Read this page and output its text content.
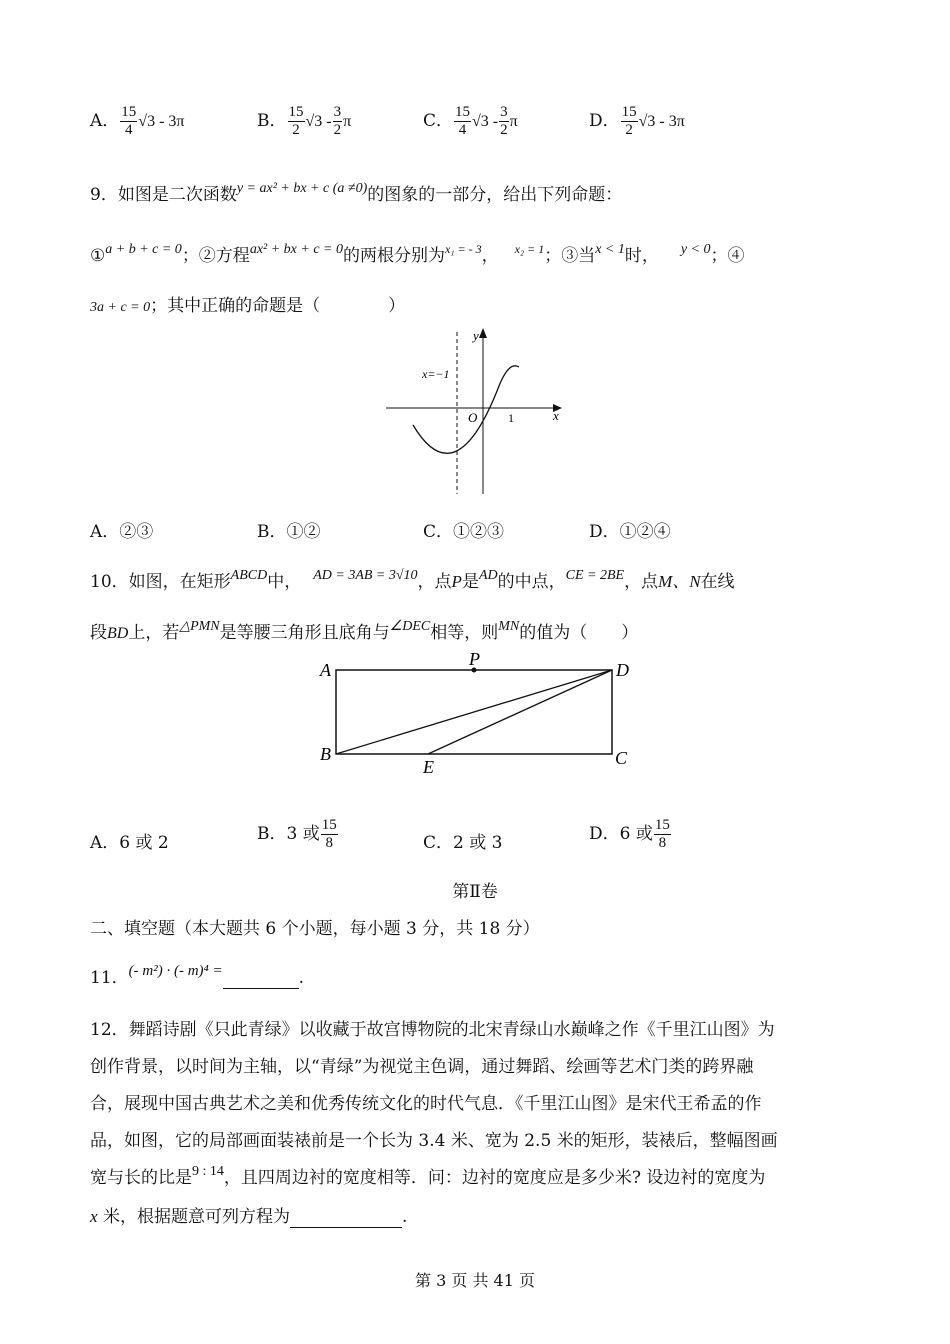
A． $\frac{15}{4} √3 - 3\pi$	B． $\frac{15}{2} √3 - \frac{3}{2}$ π	C． $\frac{15}{4} √3 - \frac{3}{2}$ π	D． $\frac{15}{2} √3 - 3\pi$
9．如图是二次函数$^{y = ax^2 + bx + c (a \ne 0)}$的图象的一部分，给出下列命题：
①$^{a + b + c = 0}$；②方程$^{ax^2 + bx + c = 0}$的两根分别为$^{x_1 = - 3}$， $^{x_2 = 1}$；③当$^{x < 1}$时， $^{y < 0}$；④
3a + c = 0；其中正确的命题是（　　　　）
y
x
O	1
x=−1
A．②③	B．①②	C．①②③	D．①②④
10．如图，在矩形$^{ABCD}$中， $^{AD = 3AB = 3√10}$，点P是$^{AD}$的中点，$^{CE = 2BE}$，点M、N在线
段BD上，若$^{\triangle PMN}$是等腰三角形且底角与$^{\angle DEC}$相等，则$^{MN}$的值为（　　）
A
P
D
B
E	C
A．6 或 2	B．3 或 $\frac{15}{8}$	C．2 或 3	D．6 或 $\frac{15}{8}$
第Ⅱ卷
二、填空题（本大题共 6 个小题，每小题 3 分，共 18 分）
11．(- m²) · (- m)⁴ =	.
12．舞蹈诗剧《只此青绿》以收藏于故宫博物院的北宋青绿山水巅峰之作《千里江山图》为
创作背景，以时间为主轴，以“青绿”为视觉主色调，通过舞蹈、绘画等艺术门类的跨界融
合，展现中国古典艺术之美和优秀传统文化的时代气息．《千里江山图》是宋代王希孟的作
品，如图，它的局部画面装裱前是一个长为 3.4 米、宽为 2.5 米的矩形，装裱后，整幅图画
宽与长的比是$^{9 : 14}$，且四周边衬的宽度相等．问：边衬的宽度应是多少米? 设边衬的宽度为
x 米，根据题意可列方程为	.
第 3 页 共 41 页
